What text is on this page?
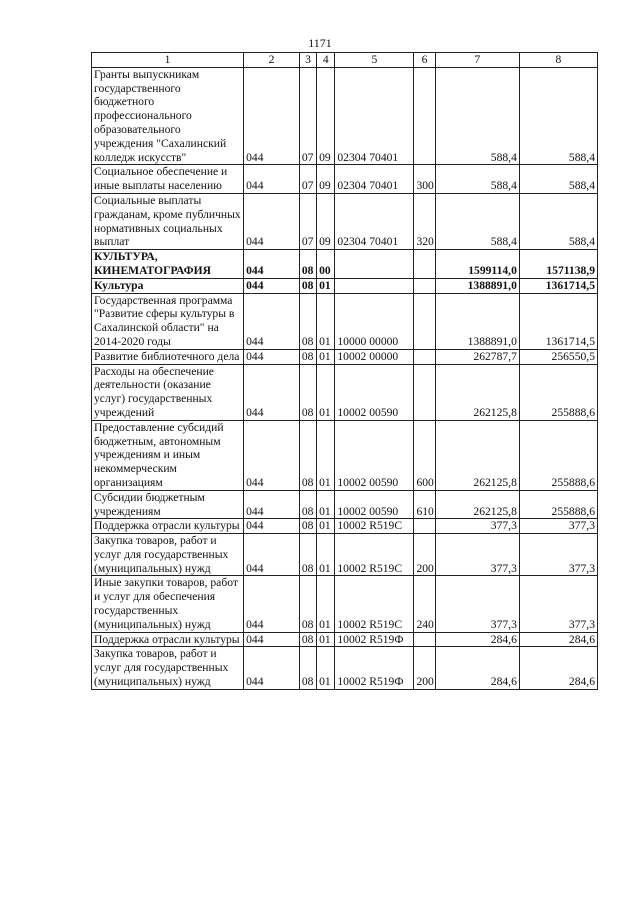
1171
1	2	3	4	5	6	7	8
Гранты выпускникам государственного бюджетного профессионального образовательного учреждения "Сахалинский колледж искусств"	044	07	09	02304 70401		588,4	588,4
Социальное обеспечение и иные выплаты населению	044	07	09	02304 70401	300	588,4	588,4
Социальные выплаты гражданам, кроме публичных нормативных социальных выплат	044	07	09	02304 70401	320	588,4	588,4
КУЛЬТУРА, КИНЕМАТОГРАФИЯ	044	08	00			1599114,0	1571138,9
Культура	044	08	01			1388891,0	1361714,5
Государственная программа "Развитие сферы культуры в Сахалинской области" на 2014-2020 годы	044	08	01	10000 00000		1388891,0	1361714,5
Развитие библиотечного дела	044	08	01	10002 00000		262787,7	256550,5
Расходы на обеспечение деятельности (оказание услуг) государственных учреждений	044	08	01	10002 00590		262125,8	255888,6
Предоставление субсидий бюджетным, автономным учреждениям и иным некоммерческим организациям	044	08	01	10002 00590	600	262125,8	255888,6
Субсидии бюджетным учреждениям	044	08	01	10002 00590	610	262125,8	255888,6
Поддержка отрасли культуры	044	08	01	10002 R519С		377,3	377,3
Закупка товаров, работ и услуг для государственных (муниципальных) нужд	044	08	01	10002 R519С	200	377,3	377,3
Иные закупки товаров, работ и услуг для обеспечения государственных (муниципальных) нужд	044	08	01	10002 R519С	240	377,3	377,3
Поддержка отрасли культуры	044	08	01	10002 R519Ф		284,6	284,6
Закупка товаров, работ и услуг для государственных (муниципальных) нужд	044	08	01	10002 R519Ф	200	284,6	284,6
